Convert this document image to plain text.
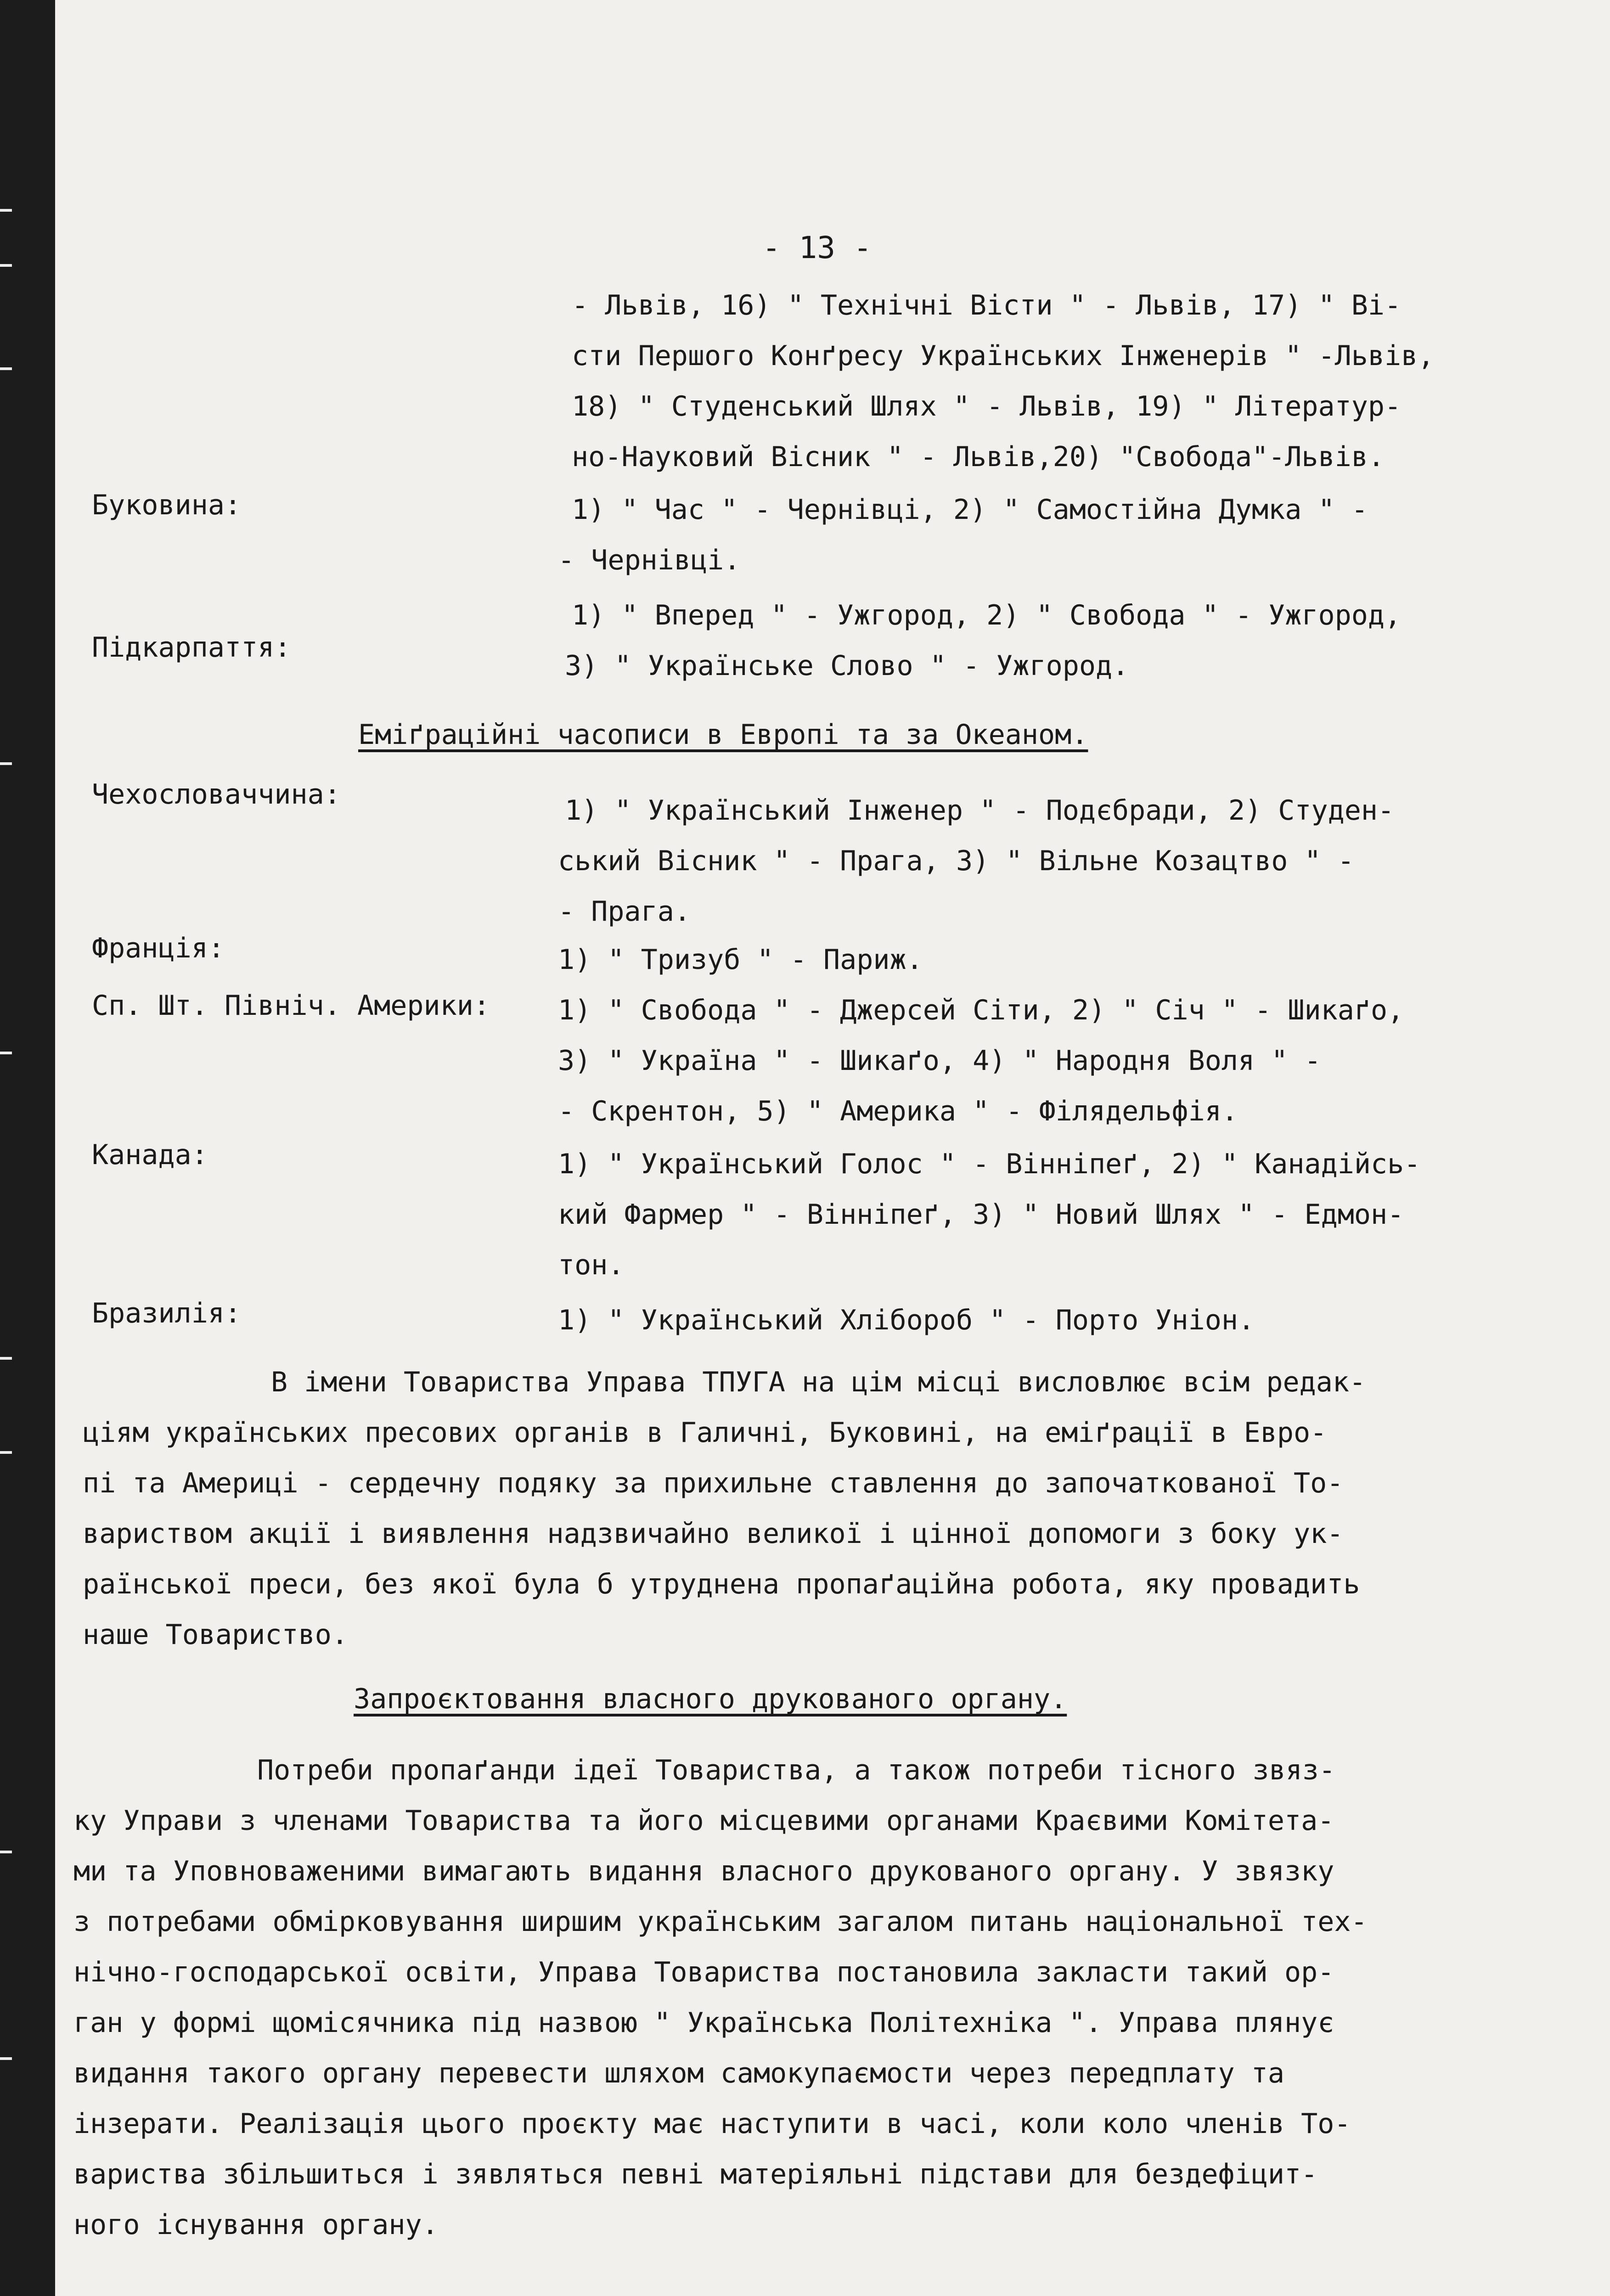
- 13 -
- Львів, 16) " Технічні Вісти " - Львів, 17) " Ві-
сти Першого Конґресу Українських Інженерів " -Львів,
18) " Студенський Шлях " - Львів, 19) " Літератур-
но-Науковий Вісник " - Львів,20) "Свобода"-Львів.
Буковина:	1) " Час " - Чернівці, 2) " Самостійна Думка " -
- Чернівці.
Підкарпаття:
1) " Вперед " - Ужгород, 2) " Свобода " - Ужгород,
3) " Українське Слово " - Ужгород.
Еміґраційні часописи в Европі та за Океаном.
Чехословаччина:	1) " Український Інженер " - Подєбради, 2) Студен-
ський Вісник " - Прага, 3) " Вільне Козацтво " -
- Прага.
Франція:	1) " Тризуб " - Париж.
Сп. Шт. Північ. Америки: 1) " Свобода " - Джерсей Сіти, 2) " Січ " - Шикаґо,
3) " Україна " - Шикаґо, 4) " Народня Воля " -
- Скрентон, 5) " Америка " - Філядельфія.
Канада:	1) " Український Голос " - Вінніпеґ, 2) " Канадійсь-
кий Фармер " - Вінніпеґ, 3) " Новий Шлях " - Едмон-
тон.
Бразилія:	1) " Український Хлібороб " - Порто Уніон.
В імени Товариства Управа ТПУГА на цім місці висловлює всім редак-
ціям українських пресових органів в Галичні, Буковині, на еміґрації в Евро-
пі та Америці - сердечну подяку за прихильне ставлення до започаткованої То-
вариством акції і виявлення надзвичайно великої і цінної допомоги з боку ук-
раїнської преси, без якої була б утруднена пропаґаційна робота, яку провадить
наше Товариство.
Запроєктовання власного друкованого органу.
Потреби пропаґанди ідеї Товариства, а також потреби тісного звяз-
ку Управи з членами Товариства та його місцевими органами Краєвими Комітета-
ми та Уповноваженими вимагають видання власного друкованого органу. У звязку
з потребами обмірковування ширшим українським загалом питань національної тех-
нічно-господарської освіти, Управа Товариства постановила закласти такий ор-
ган у формі щомісячника під назвою " Українська Політехніка ". Управа плянує
видання такого органу перевести шляхом самокупаємости через передплату та
інзерати. Реалізація цього проєкту має наступити в часі, коли коло членів То-
вариства збільшиться і зявляться певні матеріяльні підстави для бездефіцит-
ного існування органу.
